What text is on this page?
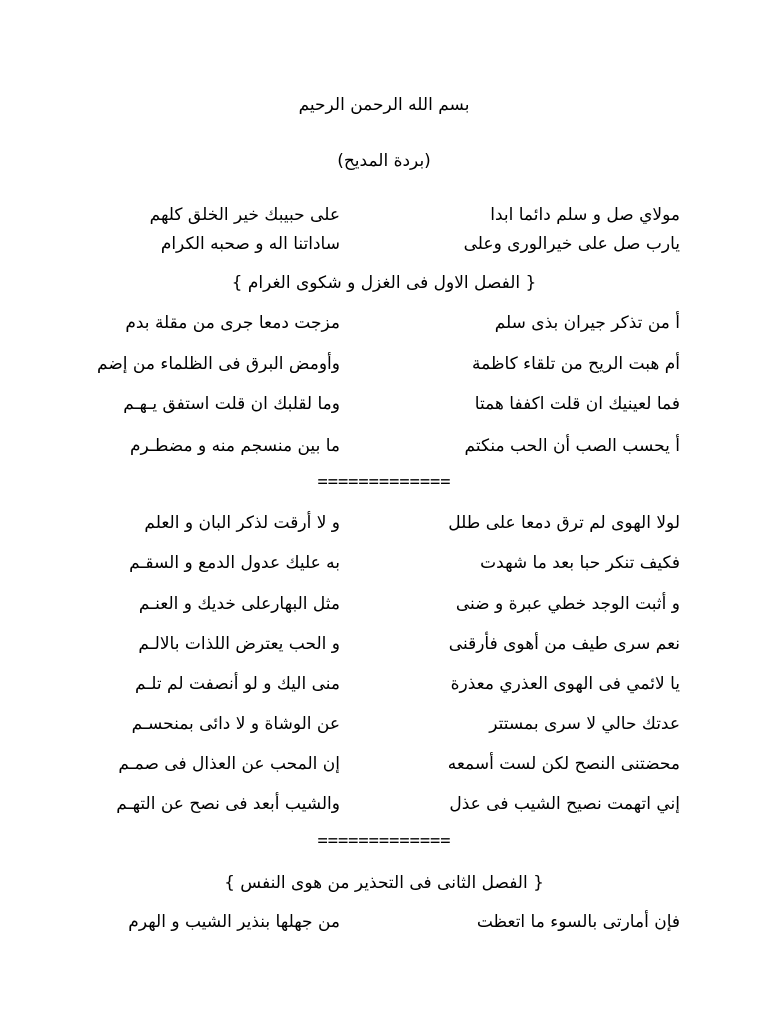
بسم الله الرحمن الرحيم
(بردة المديح)
مولاي صل و سلم دائما ابدا
على حبيبك خير الخلق كلهم
يارب صل على خيرالورى وعلى
ساداتنا اله و صحبه الكرام
{ الفصل الاول فى الغزل و شكوى الغرام }
أ من تذكر جيران بذى سلم
مزجت دمعا جرى من مقلة بدم
أم هبت الريح من تلقاء كاظمة
وأومض البرق فى الظلماء من إضم
فما لعينيك ان قلت اكففا همتا
وما لقلبك ان قلت استفق يـهـم
أ يحسب الصب أن الحب منكتم
ما بين منسجم منه و مضطـرم
=============
لولا الهوى لم ترق دمعا على طلل
و لا أرقت لذكر البان و العلم
فكيف تنكر حبا بعد ما شهدت
به عليك عدول الدمع و السقـم
و أثبت الوجد خطي عبرة و ضنى
مثل البهارعلى خديك و العنـم
نعم سرى طيف من أهوى فأرقنى
و الحب يعترض اللذات بالالـم
يا لائمي فى الهوى العذري معذرة
منى اليك و لو أنصفت لم تلـم
عدتك حالي لا سرى بمستتر
عن الوشاة و لا دائى بمنحسـم
محضتنى النصح لكن لست أسمعه
إن المحب عن العذال فى صمـم
إني اتهمت نصيح الشيب فى عذل
والشيب أبعد فى نصح عن التهـم
=============
{ الفصل الثانى فى التحذير من هوى النفس }
فإن أمارتى بالسوء ما اتعظت
من جهلها بنذير الشيب و الهرم
